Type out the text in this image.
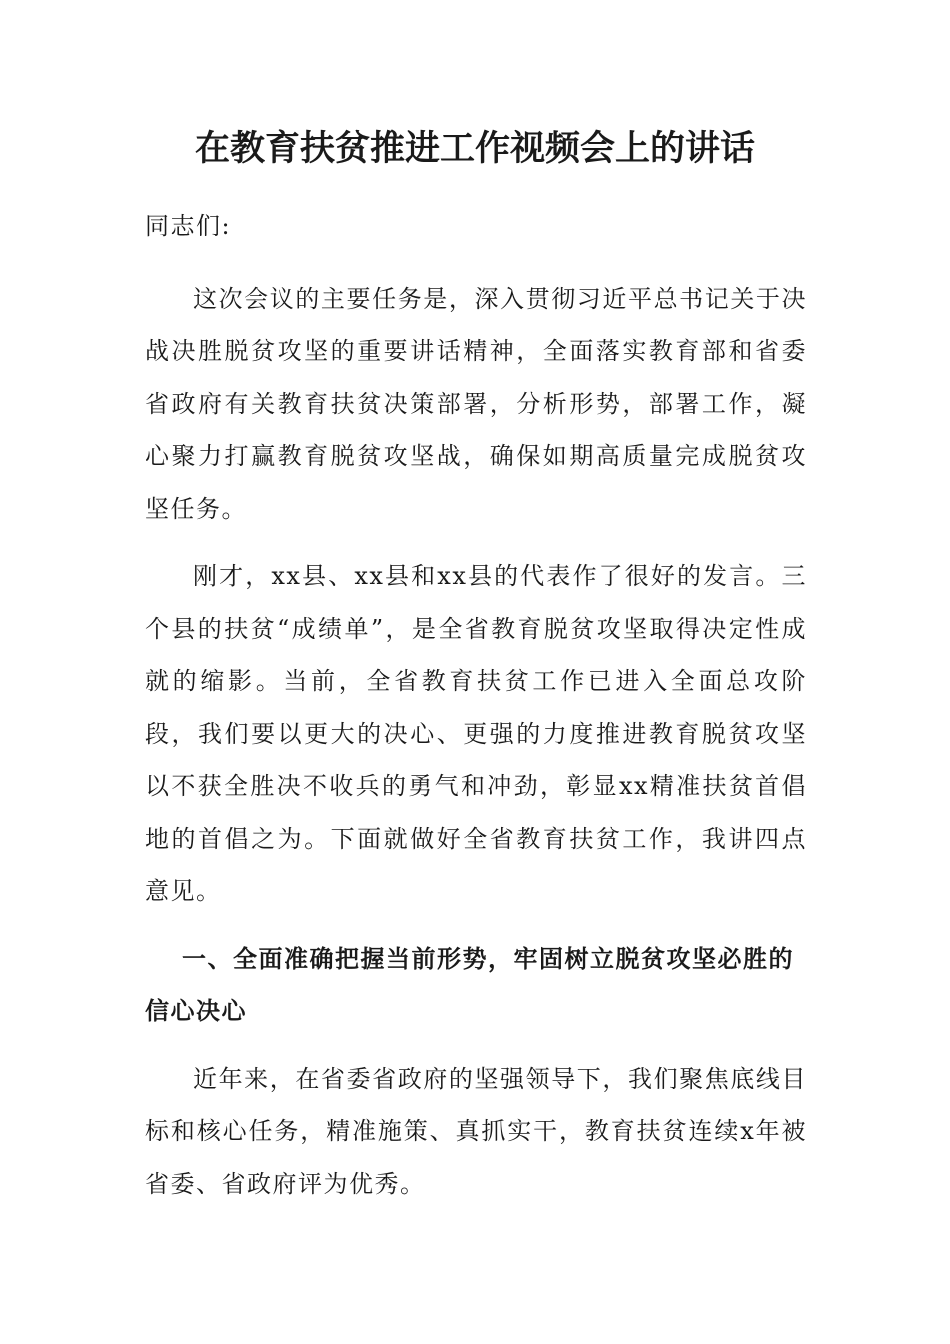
在教育扶贫推进工作视频会上的讲话

同志们:

这次会议的主要任务是，深入贯彻习近平总书记关于决战决胜脱贫攻坚的重要讲话精神，全面落实教育部和省委省政府有关教育扶贫决策部署，分析形势，部署工作，凝心聚力打赢教育脱贫攻坚战，确保如期高质量完成脱贫攻坚任务。

刚才，xx县、xx县和xx县的代表作了很好的发言。三个县的扶贫“成绩单”，是全省教育脱贫攻坚取得决定性成就的缩影。当前，全省教育扶贫工作已进入全面总攻阶段，我们要以更大的决心、更强的力度推进教育脱贫攻坚以不获全胜决不收兵的勇气和冲劲，彰显xx精准扶贫首倡地的首倡之为。下面就做好全省教育扶贫工作，我讲四点意见。

一、全面准确把握当前形势，牢固树立脱贫攻坚必胜的信心决心

近年来，在省委省政府的坚强领导下，我们聚焦底线目标和核心任务，精准施策、真抓实干，教育扶贫连续x年被省委、省政府评为优秀。
